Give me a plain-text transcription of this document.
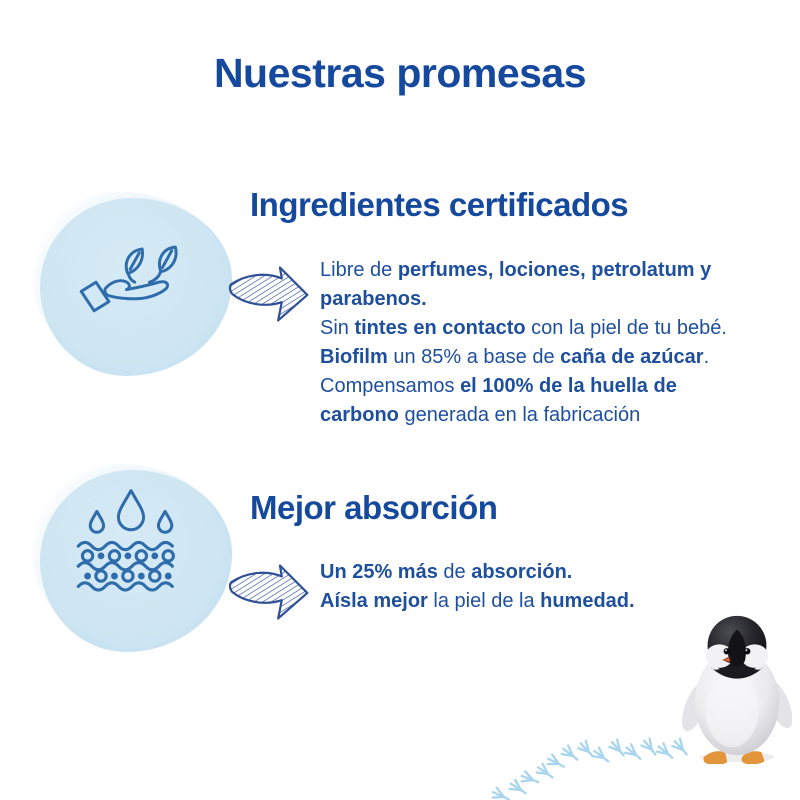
Nuestras promesas
Ingredientes certificados

Libre de perfumes, lociones, petrolatum y parabenos.

Sin tintes en contacto con la piel de tu bebé.

Biofilm un 85% a base de caña de azúcar.

Compensamos el 100% de la huella de carbono generada en la fabricación

Mejor absorción

Un 25% más de absorción.

Aísla mejor la piel de la humedad.
